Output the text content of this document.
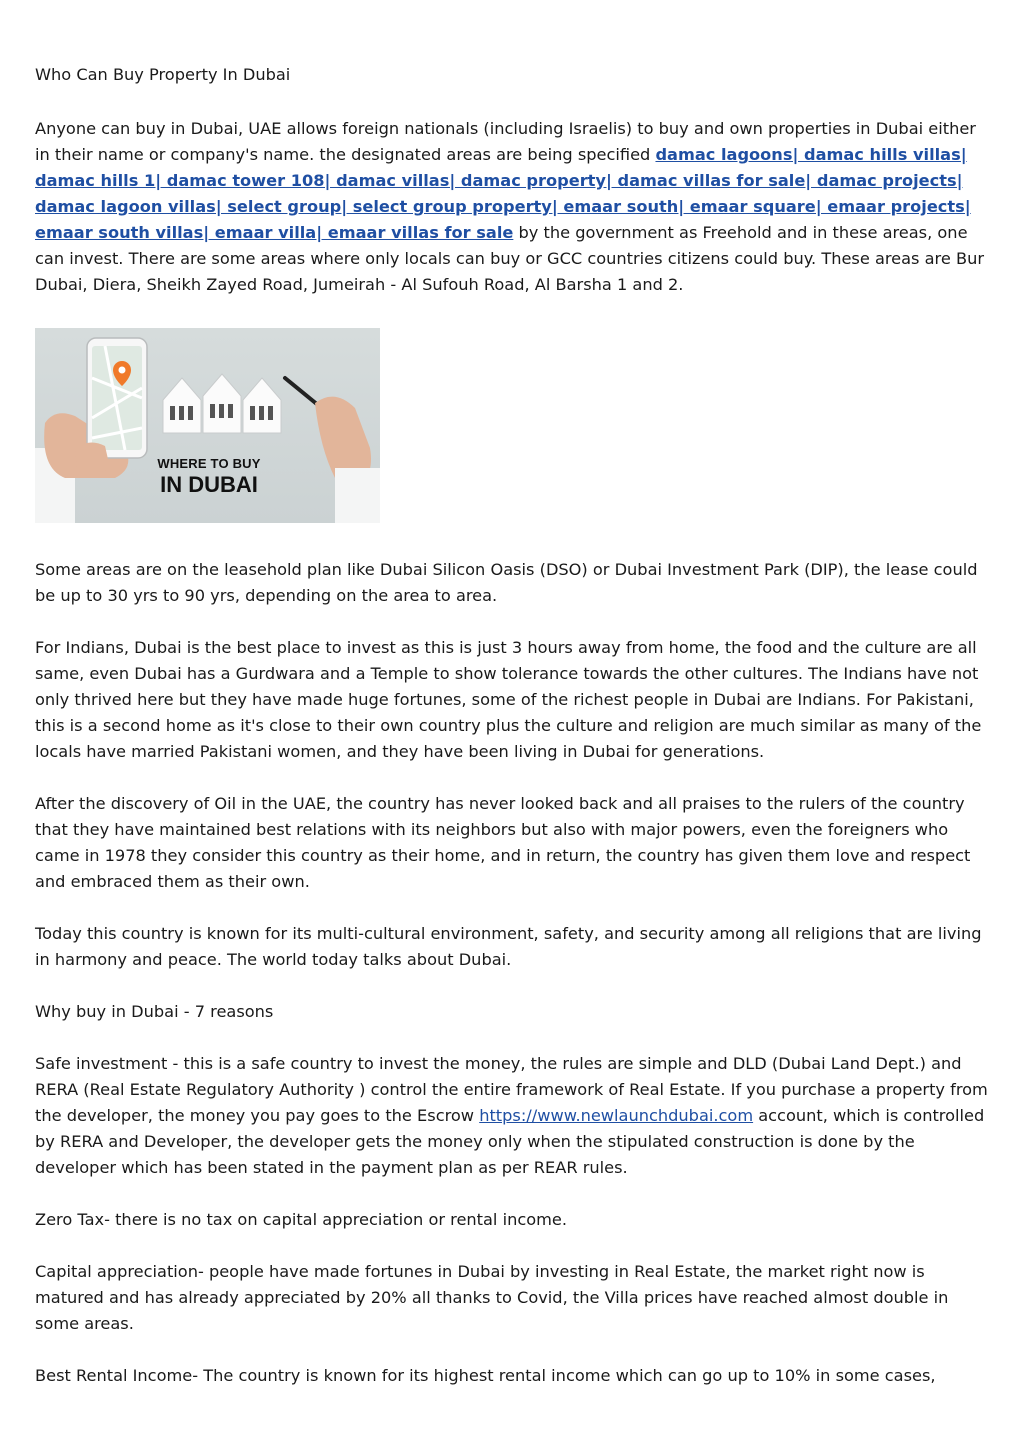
Who Can Buy Property In Dubai

Anyone can buy in Dubai, UAE allows foreign nationals (including Israelis) to buy and own properties in Dubai either in their name or company's name. the designated areas are being specified damac lagoons| damac hills villas| damac hills 1| damac tower 108| damac villas| damac property| damac villas for sale| damac projects| damac lagoon villas| select group| select group property| emaar south| emaar square| emaar projects| emaar south villas| emaar villa| emaar villas for sale by the government as Freehold and in these areas, one can invest. There are some areas where only locals can buy or GCC countries citizens could buy. These areas are Bur Dubai, Diera, Sheikh Zayed Road, Jumeirah - Al Sufouh Road, Al Barsha 1 and 2.

WHERE TO BUY
IN DUBAI

Some areas are on the leasehold plan like Dubai Silicon Oasis (DSO) or Dubai Investment Park (DIP), the lease could be up to 30 yrs to 90 yrs, depending on the area to area.

For Indians, Dubai is the best place to invest as this is just 3 hours away from home, the food and the culture are all same, even Dubai has a Gurdwara and a Temple to show tolerance towards the other cultures. The Indians have not only thrived here but they have made huge fortunes, some of the richest people in Dubai are Indians. For Pakistani, this is a second home as it's close to their own country plus the culture and religion are much similar as many of the locals have married Pakistani women, and they have been living in Dubai for generations.

After the discovery of Oil in the UAE, the country has never looked back and all praises to the rulers of the country that they have maintained best relations with its neighbors but also with major powers, even the foreigners who came in 1978 they consider this country as their home, and in return, the country has given them love and respect and embraced them as their own.

Today this country is known for its multi-cultural environment, safety, and security among all religions that are living in harmony and peace. The world today talks about Dubai.

Why buy in Dubai - 7 reasons

Safe investment - this is a safe country to invest the money, the rules are simple and DLD (Dubai Land Dept.) and RERA (Real Estate Regulatory Authority ) control the entire framework of Real Estate. If you purchase a property from the developer, the money you pay goes to the Escrow https://www.newlaunchdubai.com account, which is controlled by RERA and Developer, the developer gets the money only when the stipulated construction is done by the developer which has been stated in the payment plan as per REAR rules.

Zero Tax- there is no tax on capital appreciation or rental income.

Capital appreciation- people have made fortunes in Dubai by investing in Real Estate, the market right now is matured and has already appreciated by 20% all thanks to Covid, the Villa prices have reached almost double in some areas.

Best Rental Income- The country is known for its highest rental income which can go up to 10% in some cases,
